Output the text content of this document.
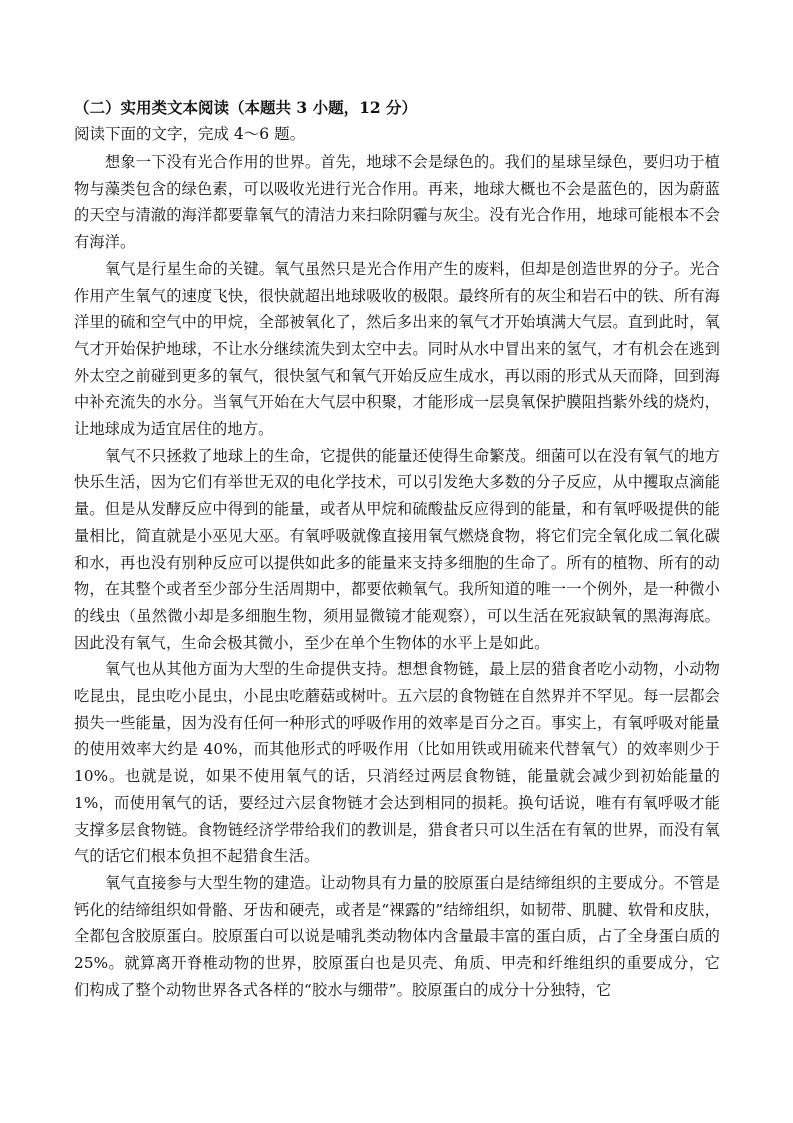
（二）实用类文本阅读（本题共 3 小题，12 分）
阅读下面的文字，完成 4～6 题。

想象一下没有光合作用的世界。首先，地球不会是绿色的。我们的星球呈绿色，要归功于植物与藻类包含的绿色素，可以吸收光进行光合作用。再来，地球大概也不会是蓝色的，因为蔚蓝的天空与清澈的海洋都要靠氧气的清洁力来扫除阴霾与灰尘。没有光合作用，地球可能根本不会有海洋。

氧气是行星生命的关键。氧气虽然只是光合作用产生的废料，但却是创造世界的分子。光合作用产生氧气的速度飞快，很快就超出地球吸收的极限。最终所有的灰尘和岩石中的铁、所有海洋里的硫和空气中的甲烷，全部被氧化了，然后多出来的氧气才开始填满大气层。直到此时，氧气才开始保护地球，不让水分继续流失到太空中去。同时从水中冒出来的氢气，才有机会在逃到外太空之前碰到更多的氧气，很快氢气和氧气开始反应生成水，再以雨的形式从天而降，回到海中补充流失的水分。当氧气开始在大气层中积聚，才能形成一层臭氧保护膜阻挡紫外线的烧灼，让地球成为适宜居住的地方。

氧气不只拯救了地球上的生命，它提供的能量还使得生命繁茂。细菌可以在没有氧气的地方快乐生活，因为它们有举世无双的电化学技术，可以引发绝大多数的分子反应，从中攫取点滴能量。但是从发酵反应中得到的能量，或者从甲烷和硫酸盐反应得到的能量，和有氧呼吸提供的能量相比，简直就是小巫见大巫。有氧呼吸就像直接用氧气燃烧食物，将它们完全氧化成二氧化碳和水，再也没有别种反应可以提供如此多的能量来支持多细胞的生命了。所有的植物、所有的动物，在其整个或者至少部分生活周期中，都要依赖氧气。我所知道的唯一一个例外，是一种微小的线虫（虽然微小却是多细胞生物，须用显微镜才能观察），可以生活在死寂缺氧的黑海海底。因此没有氧气，生命会极其微小，至少在单个生物体的水平上是如此。

氧气也从其他方面为大型的生命提供支持。想想食物链，最上层的猎食者吃小动物，小动物吃昆虫，昆虫吃小昆虫，小昆虫吃蘑菇或树叶。五六层的食物链在自然界并不罕见。每一层都会损失一些能量，因为没有任何一种形式的呼吸作用的效率是百分之百。事实上，有氧呼吸对能量的使用效率大约是 40%，而其他形式的呼吸作用（比如用铁或用硫来代替氧气）的效率则少于 10%。也就是说，如果不使用氧气的话，只消经过两层食物链，能量就会减少到初始能量的 1%，而使用氧气的话，要经过六层食物链才会达到相同的损耗。换句话说，唯有有氧呼吸才能支撑多层食物链。食物链经济学带给我们的教训是，猎食者只可以生活在有氧的世界，而没有氧气的话它们根本负担不起猎食生活。

氧气直接参与大型生物的建造。让动物具有力量的胶原蛋白是结缔组织的主要成分。不管是钙化的结缔组织如骨骼、牙齿和硬壳，或者是“裸露的”结缔组织，如韧带、肌腱、软骨和皮肤，全都包含胶原蛋白。胶原蛋白可以说是哺乳类动物体内含量最丰富的蛋白质，占了全身蛋白质的 25%。就算离开脊椎动物的世界，胶原蛋白也是贝壳、角质、甲壳和纤维组织的重要成分，它们构成了整个动物世界各式各样的“胶水与绷带”。胶原蛋白的成分十分独特，它
